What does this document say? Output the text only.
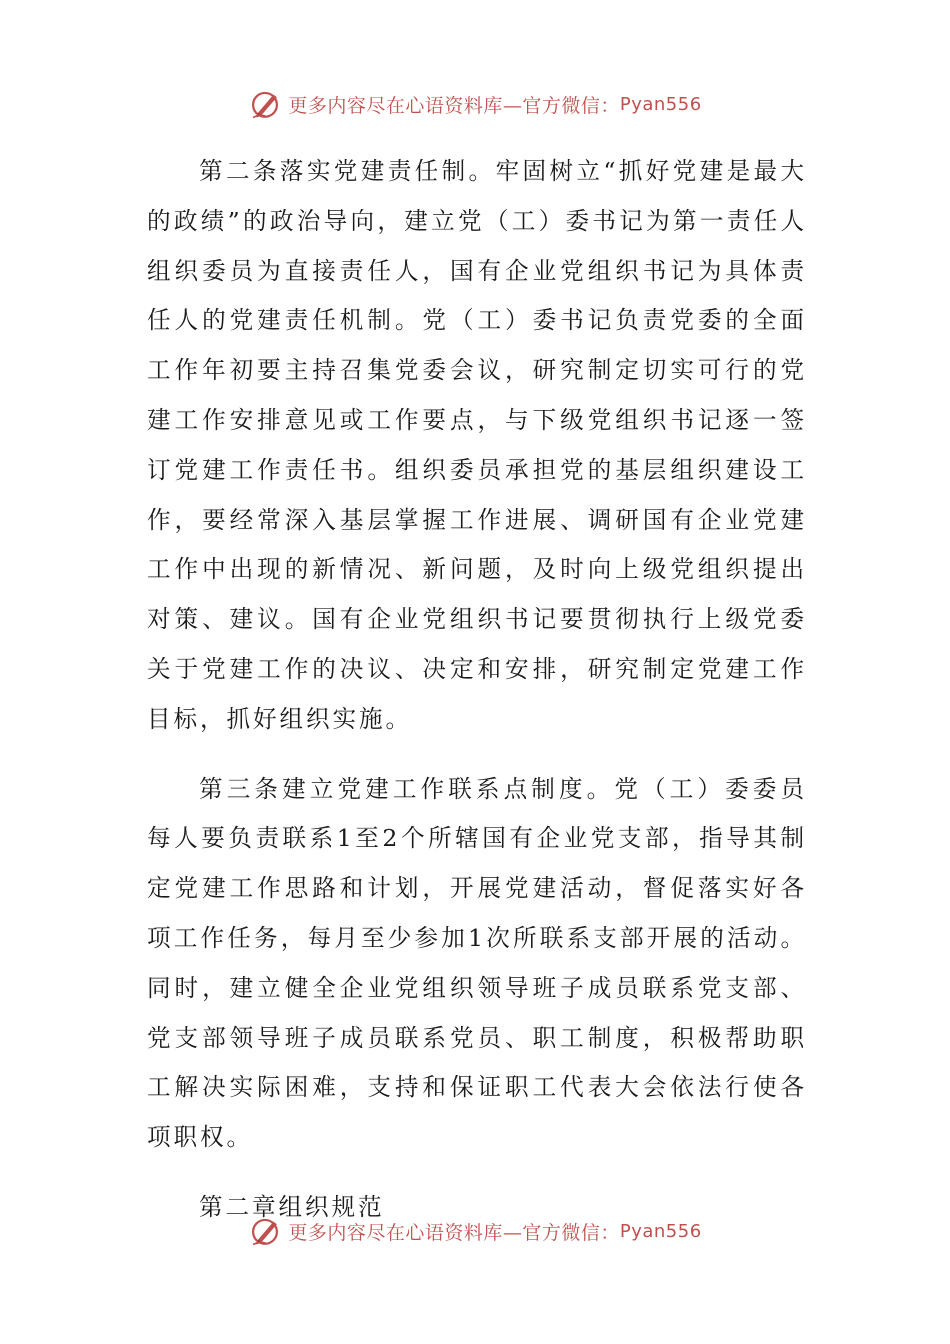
更多内容尽在心语资料库—官方微信： Pyan556

第二条落实党建责任制。牢固树立“抓好党建是最大的政绩”的政治导向，建立党（工）委书记为第一责任人组织委员为直接责任人，国有企业党组织书记为具体责任人的党建责任机制。党（工）委书记负责党委的全面工作年初要主持召集党委会议，研究制定切实可行的党建工作安排意见或工作要点，与下级党组织书记逐一签订党建工作责任书。组织委员承担党的基层组织建设工作，要经常深入基层掌握工作进展、调研国有企业党建工作中出现的新情况、新问题，及时向上级党组织提出对策、建议。国有企业党组织书记要贯彻执行上级党委关于党建工作的决议、决定和安排，研究制定党建工作目标，抓好组织实施。

第三条建立党建工作联系点制度。党（工）委委员每人要负责联系1至2个所辖国有企业党支部，指导其制定党建工作思路和计划，开展党建活动，督促落实好各项工作任务，每月至少参加1次所联系支部开展的活动。同时，建立健全企业党组织领导班子成员联系党支部、党支部领导班子成员联系党员、职工制度，积极帮助职工解决实际困难，支持和保证职工代表大会依法行使各项职权。

第二章组织规范

更多内容尽在心语资料库—官方微信： Pyan556
